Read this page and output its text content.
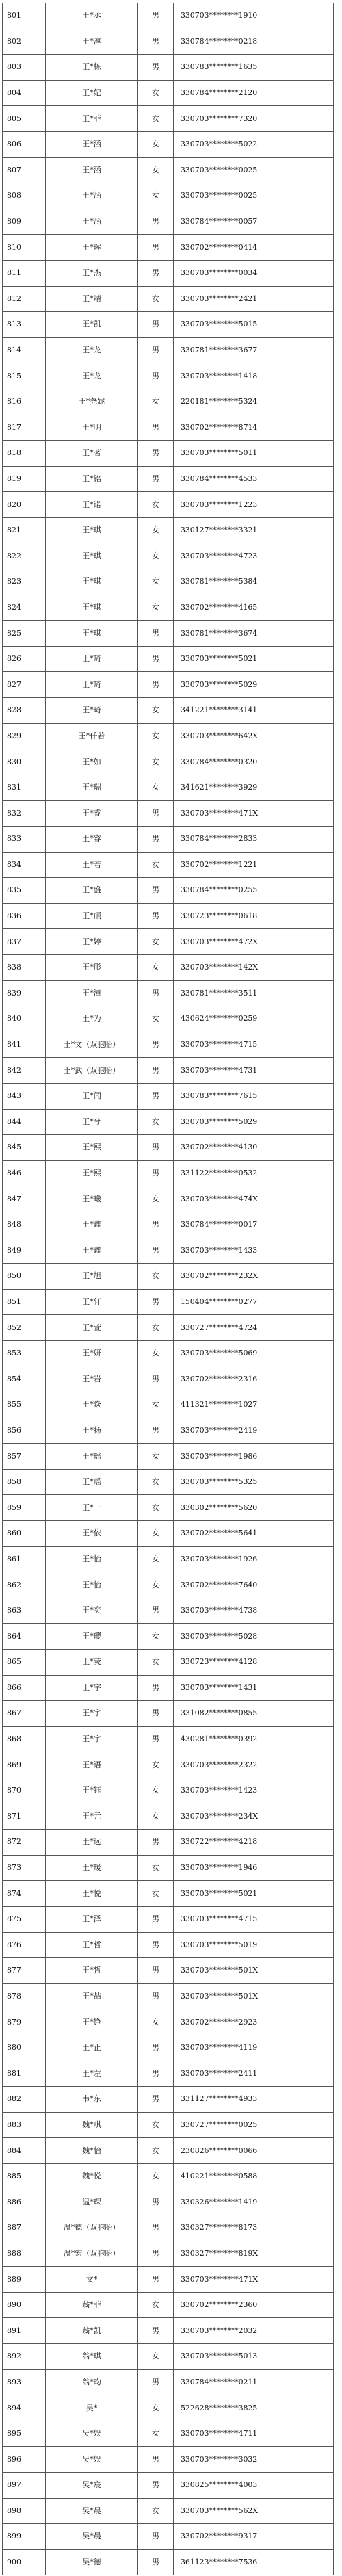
801	王*丞	男	330703********1910
802	王*淳	男	330784********0218
803	王*栋	男	330783********1635
804	王*妃	女	330784********2120
805	王*菲	女	330703********7320
806	王*涵	女	330703********5022
807	王*涵	女	330703********0025
808	王*涵	女	330703********0025
809	王*涵	男	330784********0057
810	王*晖	男	330702********0414
811	王*杰	男	330703********0034
812	王*靖	女	330703********2421
813	王*凯	男	330703********5015
814	王*龙	男	330781********3677
815	王*龙	男	330703********1418
816	王*尧妮	女	220181********5324
817	王*明	男	330702********8714
818	王*茗	男	330703********5011
819	王*铭	男	330784********4533
820	王*诺	女	330703********1223
821	王*琪	女	330127********3321
822	王*琪	女	330703********4723
823	王*琪	女	330781********5384
824	王*琪	女	330702********4165
825	王*琪	男	330781********3674
826	王*琦	男	330703********5021
827	王*琦	男	330703********5029
828	王*琦	女	341221********3141
829	王*仟若	女	330703********642X
830	王*如	女	330784********0320
831	王*瑞	女	341621********3929
832	王*睿	男	330703********471X
833	王*睿	男	330784********2833
834	王*若	女	330702********1221
835	王*盛	男	330784********0255
836	王*硕	男	330723********0618
837	王*婷	女	330703********472X
838	王*彤	女	330703********142X
839	王*潼	男	330781********3511
840	王*为	女	430624********0259
841	王*文（双胞胎）	男	330703********4715
842	王*武（双胞胎）	男	330703********4731
843	王*闻	男	330783********7615
844	王*兮	女	330703********5029
845	王*熙	男	330702********4130
846	王*熙	男	331122********0532
847	王*曦	女	330703********474X
848	王*鑫	男	330784********0017
849	王*鑫	男	330703********1433
850	王*旭	女	330702********232X
851	王*轩	男	150404********0277
852	王*萱	女	330727********4724
853	王*妍	女	330703********5069
854	王*岩	男	330702********2316
855	王*焱	女	411321********1027
856	王*扬	男	330703********2419
857	王*瑶	女	330703********1986
858	王*瑶	女	330703********5325
859	王*一	女	330302********5620
860	王*依	女	330702********5641
861	王*怡	女	330703********1926
862	王*怡	女	330702********7640
863	王*奕	男	330703********4738
864	王*璎	女	330703********5028
865	王*荧	女	330723********4128
866	王*宇	男	330703********1431
867	王*宇	男	331082********0855
868	王*宇	男	430281********0392
869	王*语	女	330703********2322
870	王*钰	女	330703********1423
871	王*元	女	330703********234X
872	王*远	男	330722********4218
873	王*瑗	女	330703********1946
874	王*悦	女	330703********5021
875	王*泽	男	330703********4715
876	王*哲	男	330703********5019
877	王*哲	男	330703********501X
878	王*喆	男	330703********501X
879	王*铮	女	330702********2923
880	王*正	男	330703********4119
881	王*左	男	330703********2411
882	韦*东	男	331127********4933
883	魏*琪	女	330727********0025
884	魏*怡	女	230826********0066
885	魏*悦	女	410221********0588
886	温*琛	男	330326********1419
887	温*德（双胞胎）	男	330327********8173
888	温*宏（双胞胎）	男	330327********819X
889	文*	男	330703********471X
890	翁*菲	女	330702********2360
891	翁*凯	男	330703********2032
892	翁*琪	女	330703********5013
893	翁*昀	男	330784********0211
894	吴*	女	522628********3825
895	吴*娱	女	330703********4711
896	吴*娱	男	330703********3032
897	吴*宸	男	330825********4003
898	吴*晨	女	330703********562X
899	吴*晨	男	330702********9317
900	吴*德	男	361123********7536
